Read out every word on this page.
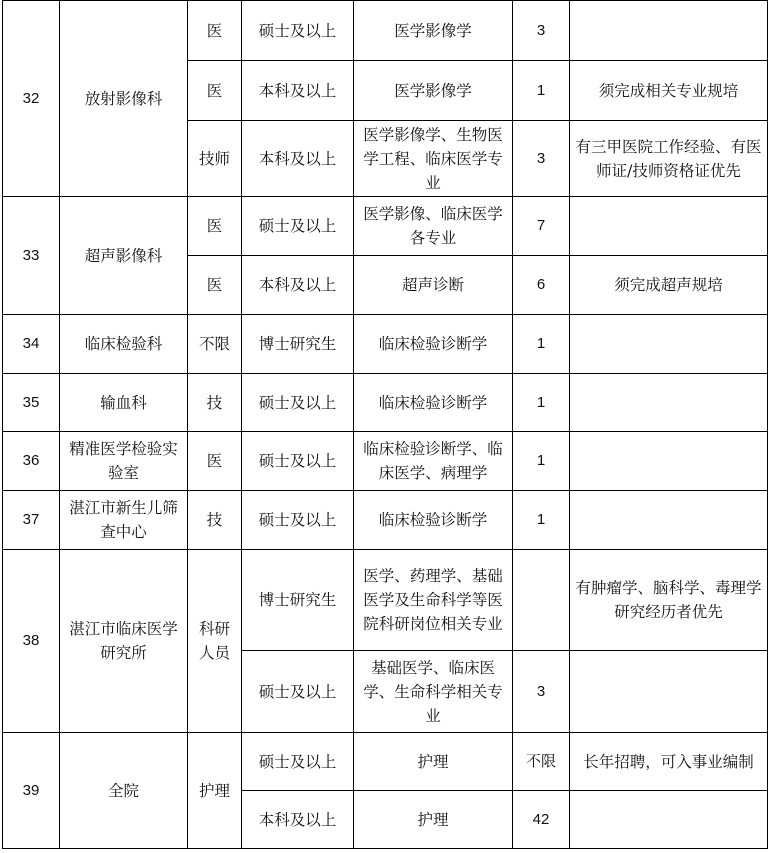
32	放射影像科	医	硕士及以上	医学影像学	3	
		医	本科及以上	医学影像学	1	须完成相关专业规培
		技师	本科及以上	医学影像学、生物医学工程、临床医学专业	3	有三甲医院工作经验、有医师证/技师资格证优先
33	超声影像科	医	硕士及以上	医学影像、临床医学各专业	7	
		医	本科及以上	超声诊断	6	须完成超声规培
34	临床检验科	不限	博士研究生	临床检验诊断学	1	
35	输血科	技	硕士及以上	临床检验诊断学	1	
36	精准医学检验实验室	医	硕士及以上	临床检验诊断学、临床医学、病理学	1	
37	湛江市新生儿筛查中心	技	硕士及以上	临床检验诊断学	1	
38	湛江市临床医学研究所	科研人员	博士研究生	医学、药理学、基础医学及生命科学等医院科研岗位相关专业		有肿瘤学、脑科学、毒理学研究经历者优先
			硕士及以上	基础医学、临床医学、生命科学相关专业	3	
39	全院	护理	硕士及以上	护理	不限	长年招聘，可入事业编制
			本科及以上	护理	42	
